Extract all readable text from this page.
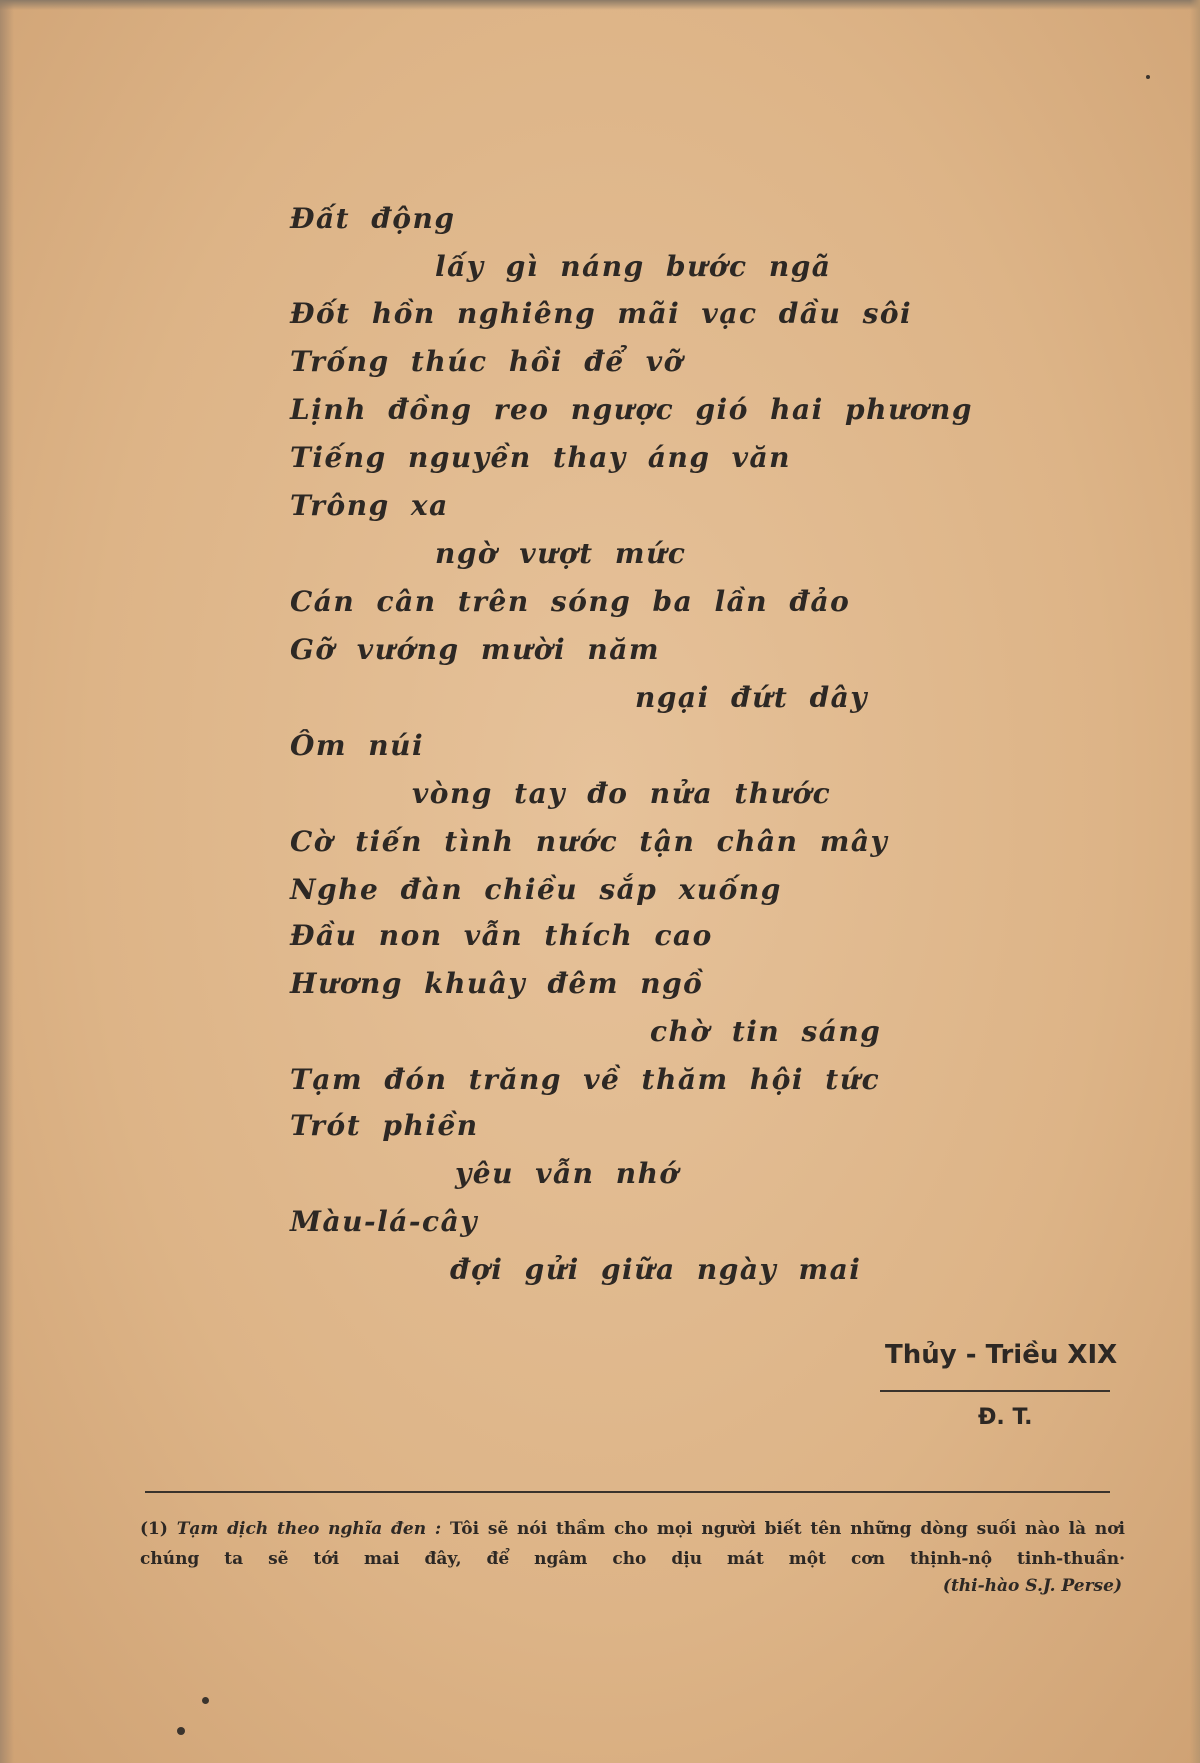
Đất động
lấy gì náng bước ngã
Đốt hồn nghiêng mãi vạc dầu sôi
Trống thúc hồi để vỡ
Lịnh đồng reo ngược gió hai phương
Tiếng nguyền thay áng văn
Trông xa
ngờ vượt mức
Cán cân trên sóng ba lần đảo
Gỡ vướng mười năm
ngại đứt dây
Ôm núi
vòng tay đo nửa thước
Cờ tiến tình nước tận chân mây
Nghe đàn chiều sắp xuống
Đầu non vẫn thích cao
Hương khuây đêm ngồ
chờ tin sáng
Tạm đón trăng về thăm hội tức
Trót phiền
yêu vẫn nhớ
Màu-lá-cây
đợi gửi giữa ngày mai
Thủy - Triều XIX
Đ. T.
(1) Tạm dịch theo nghĩa đen : Tôi sẽ nói thầm cho mọi người biết tên những dòng suối nào là nơi chúng ta sẽ tới mai đây, để ngâm cho dịu mát một cơn thịnh-nộ tinh-thuần·
(thi-hào S.J. Perse)
